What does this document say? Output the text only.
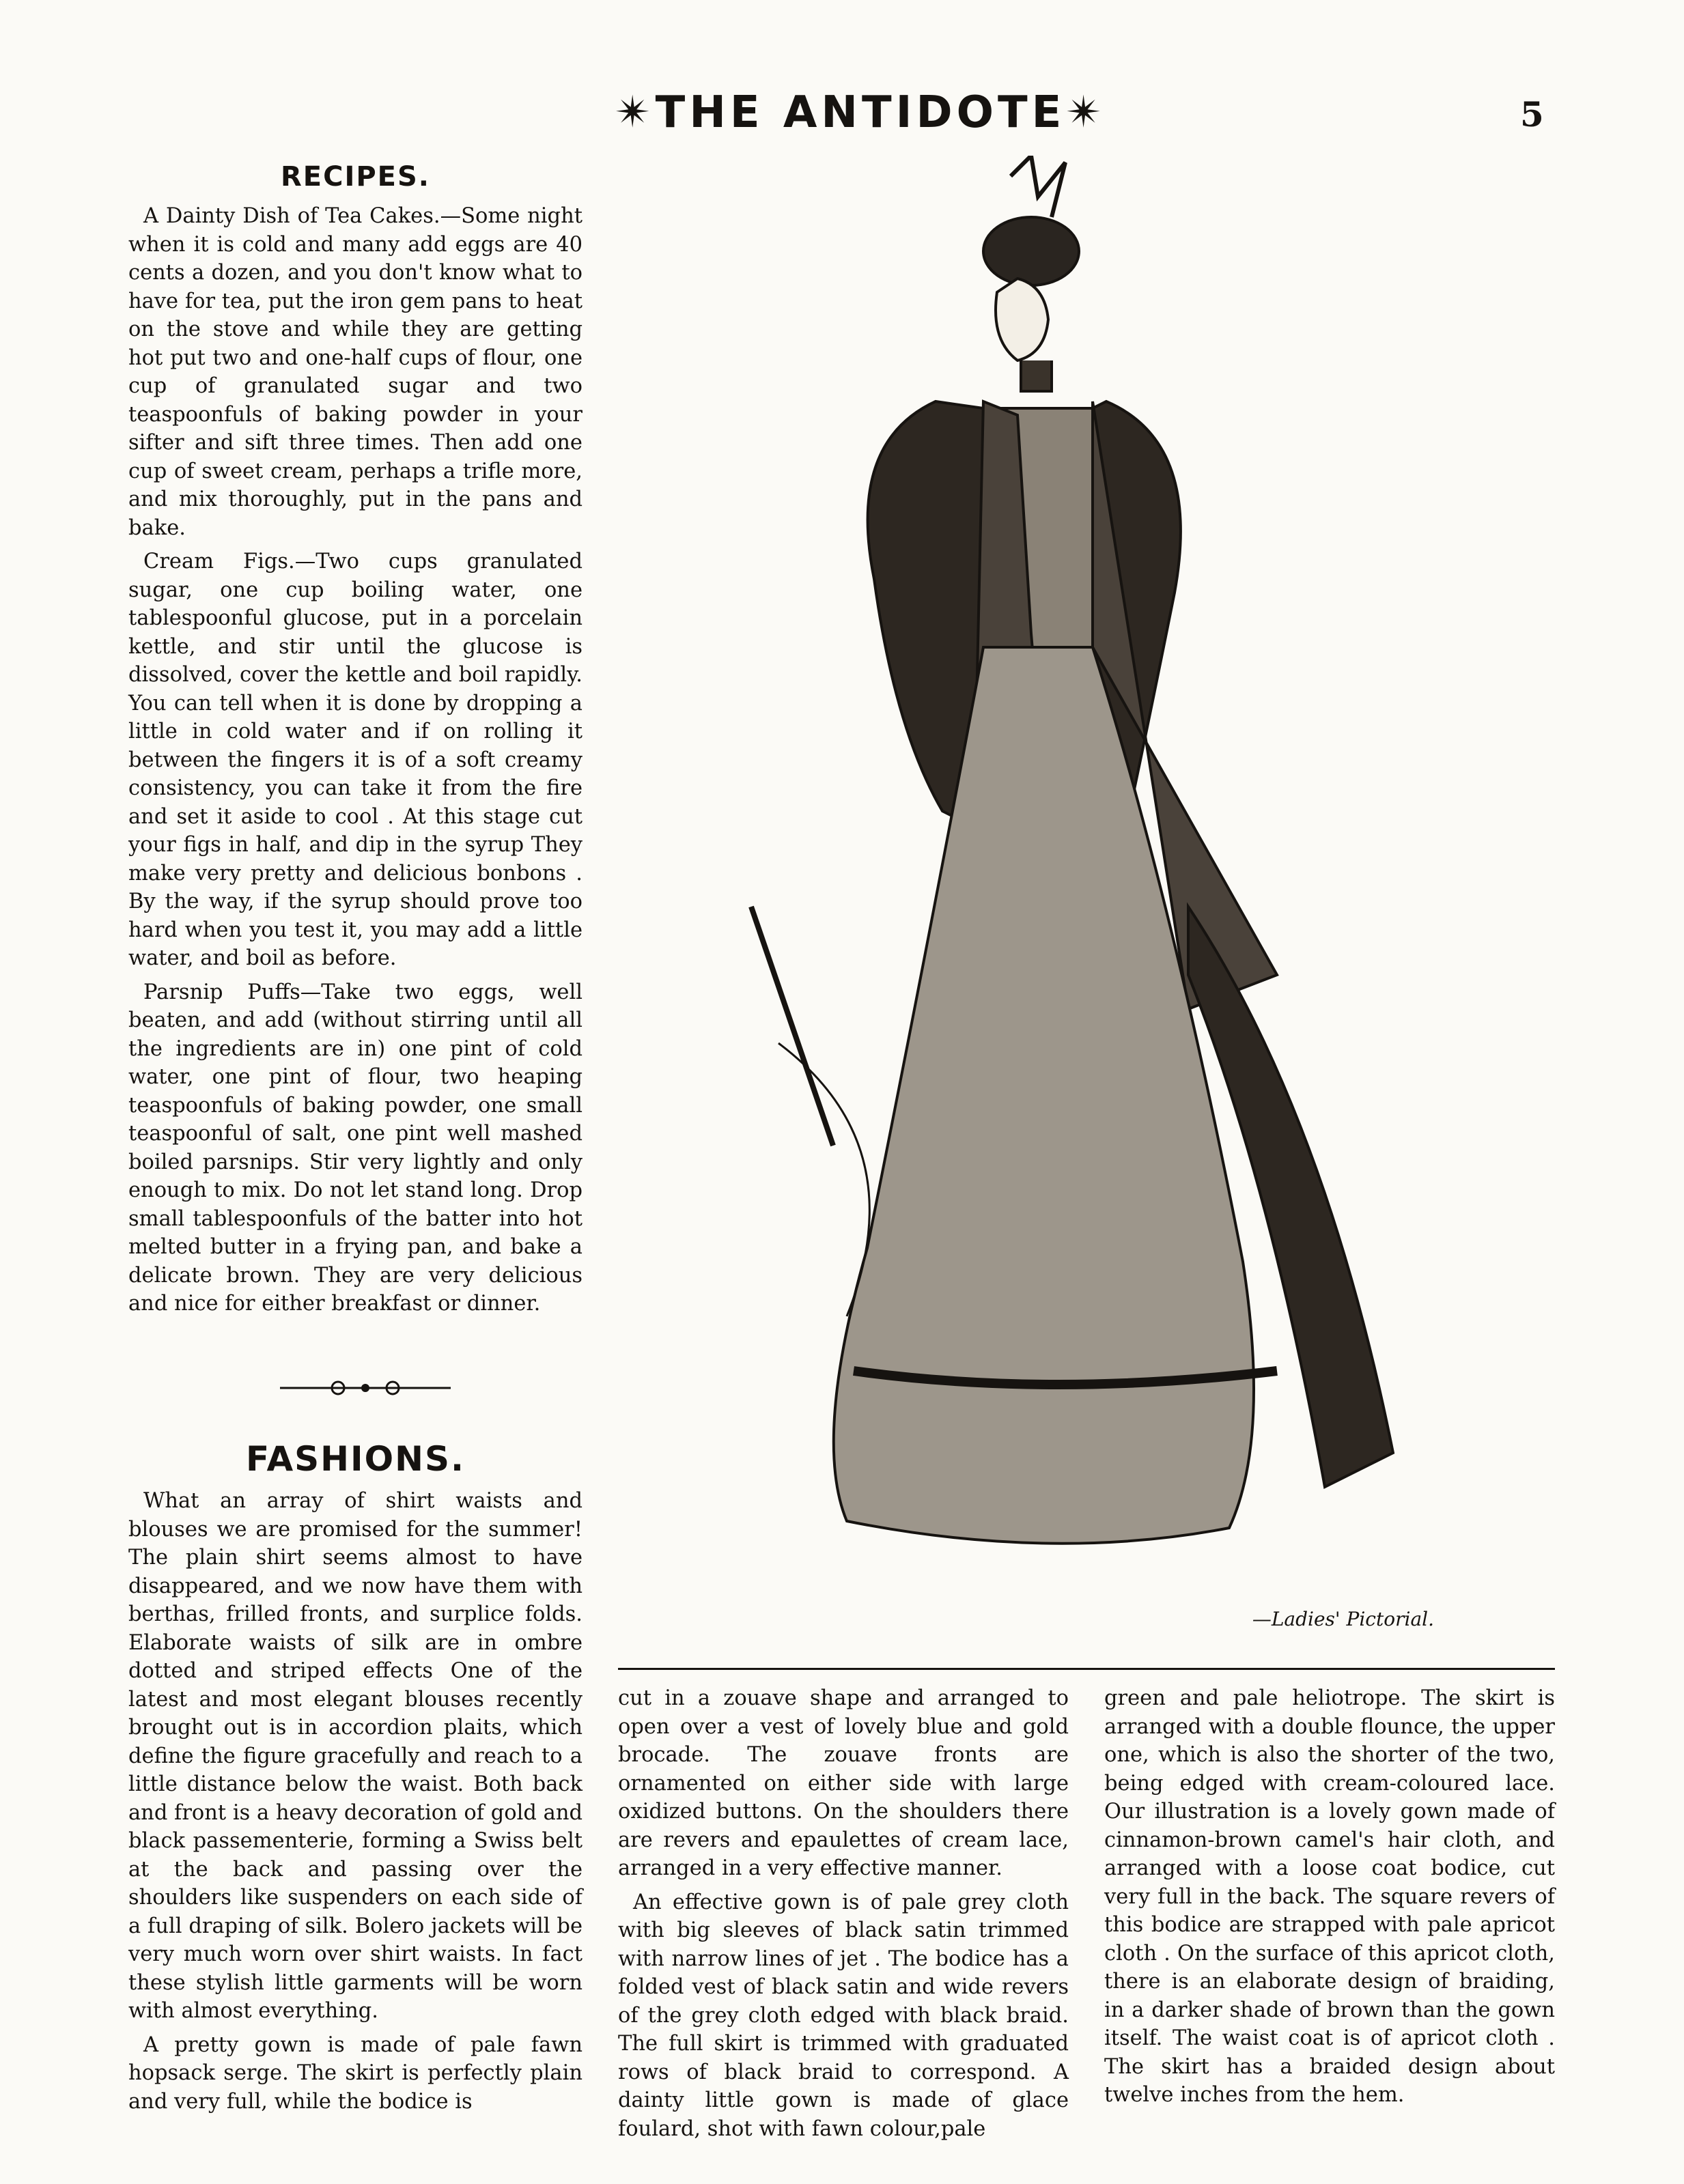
✴THE ANTIDOTE✴	5
RECIPES.

A Dainty Dish of Tea Cakes.—Some night when it is cold and many add eggs are 40 cents a dozen, and you don't know what to have for tea, put the iron gem pans to heat on the stove and while they are getting hot put two and one-half cups of flour, one cup of granulated sugar and two teaspoonfuls of baking powder in your sifter and sift three times. Then add one cup of sweet cream, perhaps a trifle more, and mix thoroughly, put in the pans and bake.

Cream Figs.—Two cups granulated sugar, one cup boiling water, one tablespoonful glucose, put in a porcelain kettle, and stir until the glucose is dissolved, cover the kettle and boil rapidly. You can tell when it is done by dropping a little in cold water and if on rolling it between the fingers it is of a soft creamy consistency, you can take it from the fire and set it aside to cool . At this stage cut your figs in half, and dip in the syrup They make very pretty and delicious bonbons . By the way, if the syrup should prove too hard when you test it, you may add a little water, and boil as before.

Parsnip Puffs—Take two eggs, well beaten, and add (without stirring until all the ingredients are in) one pint of cold water, one pint of flour, two heaping teaspoonfuls of baking powder, one small teaspoonful of salt, one pint well mashed boiled parsnips. Stir very lightly and only enough to mix. Do not let stand long. Drop small tablespoonfuls of the batter into hot melted butter in a frying pan, and bake a delicate brown. They are very delicious and nice for either breakfast or dinner.

FASHIONS.

What an array of shirt waists and blouses we are promised for the summer! The plain shirt seems almost to have disappeared, and we now have them with berthas, frilled fronts, and surplice folds. Elaborate waists of silk are in ombre dotted and striped effects One of the latest and most elegant blouses recently brought out is in accordion plaits, which define the figure gracefully and reach to a little distance below the waist. Both back and front is a heavy decoration of gold and black passementerie, forming a Swiss belt at the back and passing over the shoulders like suspenders on each side of a full draping of silk. Bolero jackets will be very much worn over shirt waists. In fact these stylish little garments will be worn with almost everything.

A pretty gown is made of pale fawn hopsack serge. The skirt is perfectly plain and very full, while the bodice is

—Ladies' Pictorial.

cut in a zouave shape and arranged to open over a vest of lovely blue and gold brocade. The zouave fronts are ornamented on either side with large oxidized buttons. On the shoulders there are revers and epaulettes of cream lace, arranged in a very effective manner.

An effective gown is of pale grey cloth with big sleeves of black satin trimmed with narrow lines of jet . The bodice has a folded vest of black satin and wide revers of the grey cloth edged with black braid. The full skirt is trimmed with graduated rows of black braid to correspond. A dainty little gown is made of glace foulard, shot with fawn colour,pale

green and pale heliotrope. The skirt is arranged with a double flounce, the upper one, which is also the shorter of the two, being edged with cream-coloured lace. Our illustration is a lovely gown made of cinnamon-brown camel's hair cloth, and arranged with a loose coat bodice, cut very full in the back. The square revers of this bodice are strapped with pale apricot cloth . On the surface of this apricot cloth, there is an elaborate design of braiding, in a darker shade of brown than the gown itself. The waist coat is of apricot cloth . The skirt has a braided design about twelve inches from the hem.
